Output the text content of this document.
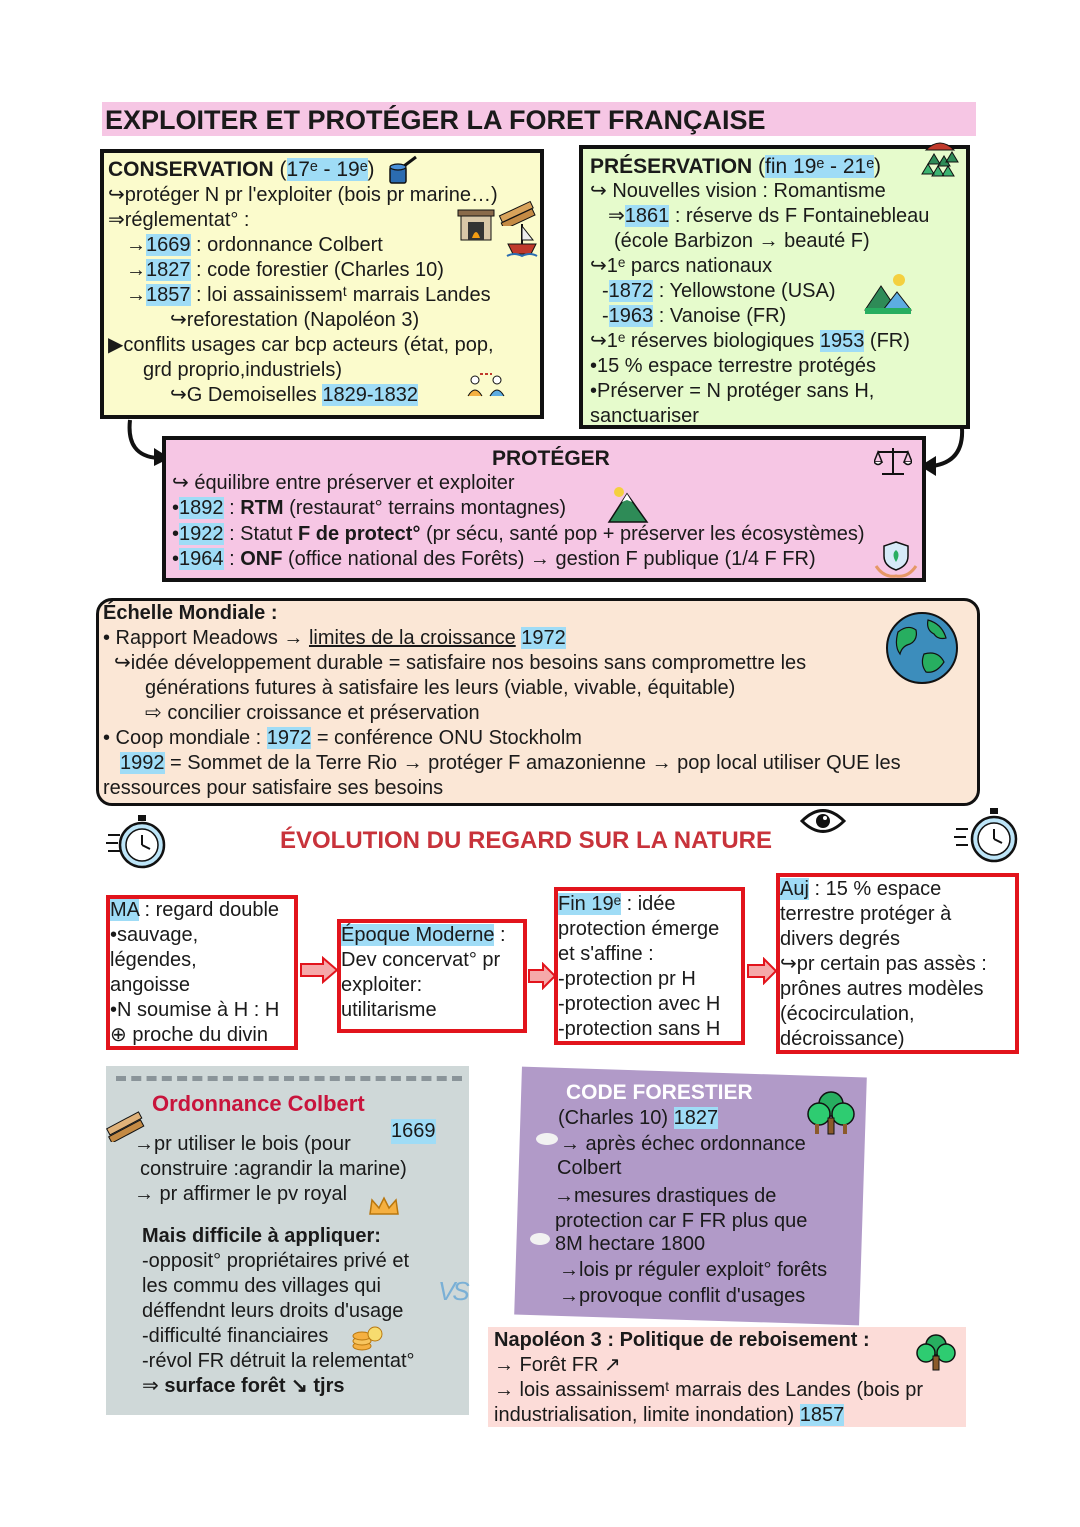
EXPLOITER ET PROTÉGER LA FORET FRANÇAISE
CONSERVATION (17ᵉ - 19ᵉ)
↪protéger N pr l'exploiter (bois pr marine…)
⇒réglementat° :
→1669 : ordonnance Colbert
→1827 : code forestier (Charles 10)
→1857 : loi assainissemᵗ marrais Landes
↪reforestation (Napoléon 3)
▶conflits usages car bcp acteurs (état, pop,
grd proprio,industriels)
↪G Demoiselles 1829-1832
PRÉSERVATION (fin 19ᵉ - 21ᵉ)
↪ Nouvelles vision : Romantisme
⇒1861 : réserve ds F Fontainebleau
(école Barbizon → beauté F)
↪1ᵉ parcs nationaux
-1872 : Yellowstone (USA)
-1963 : Vanoise (FR)
↪1ᵉ réserves biologiques 1953 (FR)
•15 % espace terrestre protégés
•Préserver = N protéger sans H,
sanctuariser
PROTÉGER
↪ équilibre entre préserver et exploiter
•1892 : RTM (restaurat° terrains montagnes)
•1922 : Statut F de protect° (pr sécu, santé pop + préserver les écosystèmes)
•1964 : ONF (office national des Forêts) → gestion F publique (1/4 F FR)
Échelle Mondiale :
• Rapport Meadows → limites de la croissance 1972
↪idée développement durable = satisfaire nos besoins sans compromettre les
générations futures à satisfaire les leurs (viable, vivable, équitable)
⇨ concilier croissance et préservation
• Coop mondiale : 1972 = conférence ONU Stockholm
1992 = Sommet de la Terre Rio → protéger F amazonienne → pop local utiliser QUE les
ressources pour satisfaire ses besoins
ÉVOLUTION DU REGARD SUR LA NATURE
MA : regard double
•sauvage,
légendes,
angoisse
•N soumise à H : H
⊕ proche du divin
Époque Moderne :
Dev concervat° pr
exploiter:
utilitarisme
Fin 19ᵉ : idée
protection émerge
et s'affine :
-protection pr H
-protection avec H
-protection sans H
Auj : 15 % espace
terrestre protéger à
divers degrés
↪pr certain pas assès :
prônes autres modèles
(écocirculation,
décroissance)
Ordonnance Colbert
1669
→pr utiliser le bois (pour
construire :agrandir la marine)
→ pr affirmer le pv royal
Mais difficile à appliquer:
-opposit° propriétaires privé et
les commu des villages qui
déffendnt leurs droits d'usage
-difficulté financiaires
-révol FR détruit la relementat°
⇒ surface forêt ↘ tjrs
VS
CODE FORESTIER
(Charles 10) 1827
→ après échec ordonnance
Colbert
→mesures drastiques de
protection car F FR plus que
8M hectare 1800
→lois pr réguler exploit° forêts
→provoque conflit d'usages
Napoléon 3 : Politique de reboisement :
→ Forêt FR ↗
→ lois assainissemᵗ marrais des Landes (bois pr
industrialisation, limite inondation) 1857
